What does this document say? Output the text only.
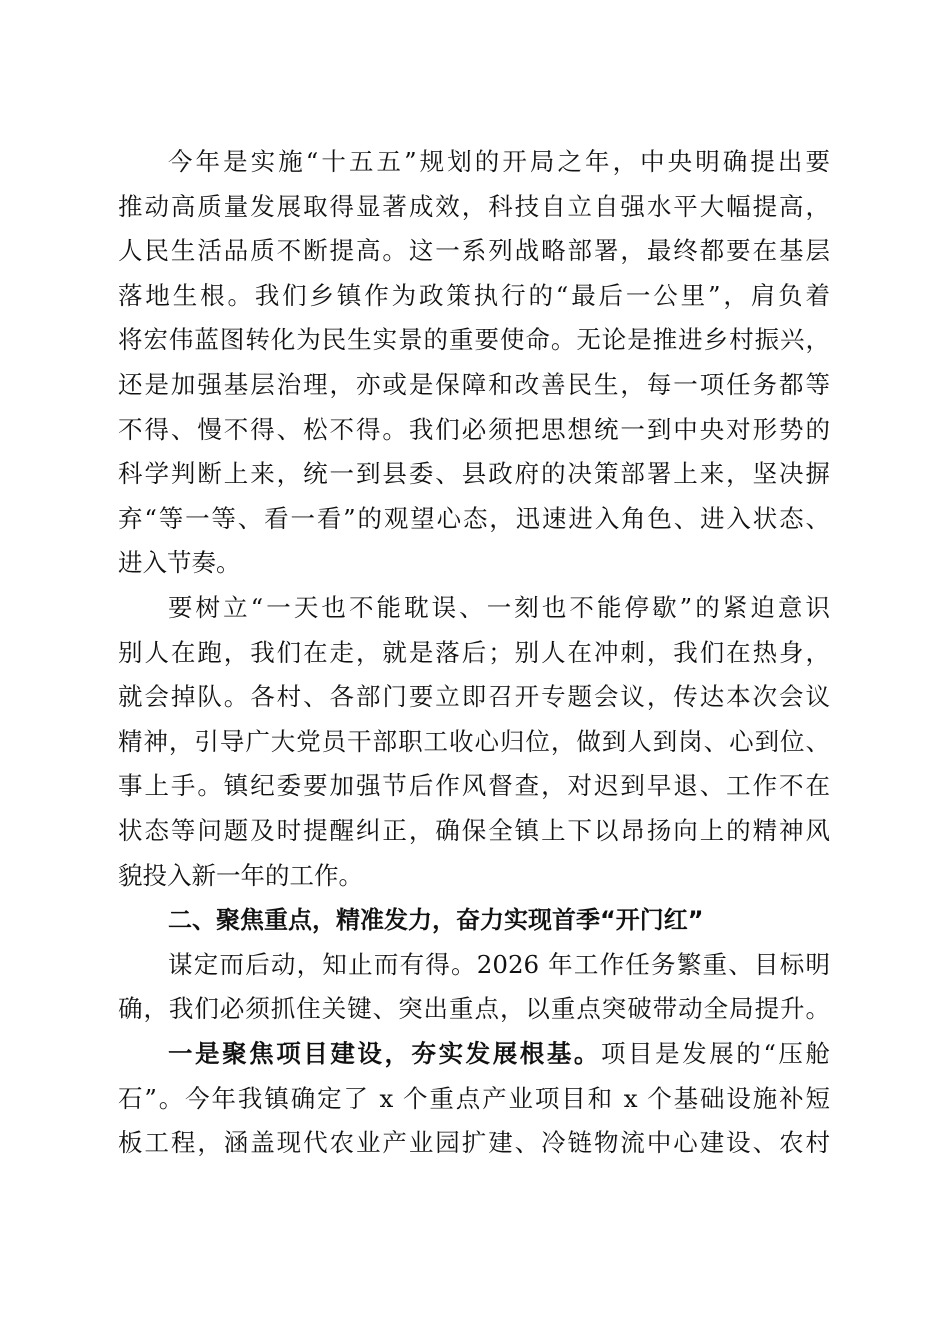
今年是实施“十五五”规划的开局之年，中央明确提出要
推动高质量发展取得显著成效，科技自立自强水平大幅提高，
人民生活品质不断提高。这一系列战略部署，最终都要在基层
落地生根。我们乡镇作为政策执行的“最后一公里”，肩负着
将宏伟蓝图转化为民生实景的重要使命。无论是推进乡村振兴，
还是加强基层治理，亦或是保障和改善民生，每一项任务都等
不得、慢不得、松不得。我们必须把思想统一到中央对形势的
科学判断上来，统一到县委、县政府的决策部署上来，坚决摒
弃“等一等、看一看”的观望心态，迅速进入角色、进入状态、
进入节奏。
要树立“一天也不能耽误、一刻也不能停歇”的紧迫意识
别人在跑，我们在走，就是落后；别人在冲刺，我们在热身，
就会掉队。各村、各部门要立即召开专题会议，传达本次会议
精神，引导广大党员干部职工收心归位，做到人到岗、心到位、
事上手。镇纪委要加强节后作风督查，对迟到早退、工作不在
状态等问题及时提醒纠正，确保全镇上下以昂扬向上的精神风
貌投入新一年的工作。
二、聚焦重点，精准发力，奋力实现首季“开门红”
谋定而后动，知止而有得。2026 年工作任务繁重、目标明
确，我们必须抓住关键、突出重点，以重点突破带动全局提升。
一是聚焦项目建设，夯实发展根基。项目是发展的“压舱
石”。今年我镇确定了 x 个重点产业项目和 x 个基础设施补短
板工程，涵盖现代农业产业园扩建、冷链物流中心建设、农村
